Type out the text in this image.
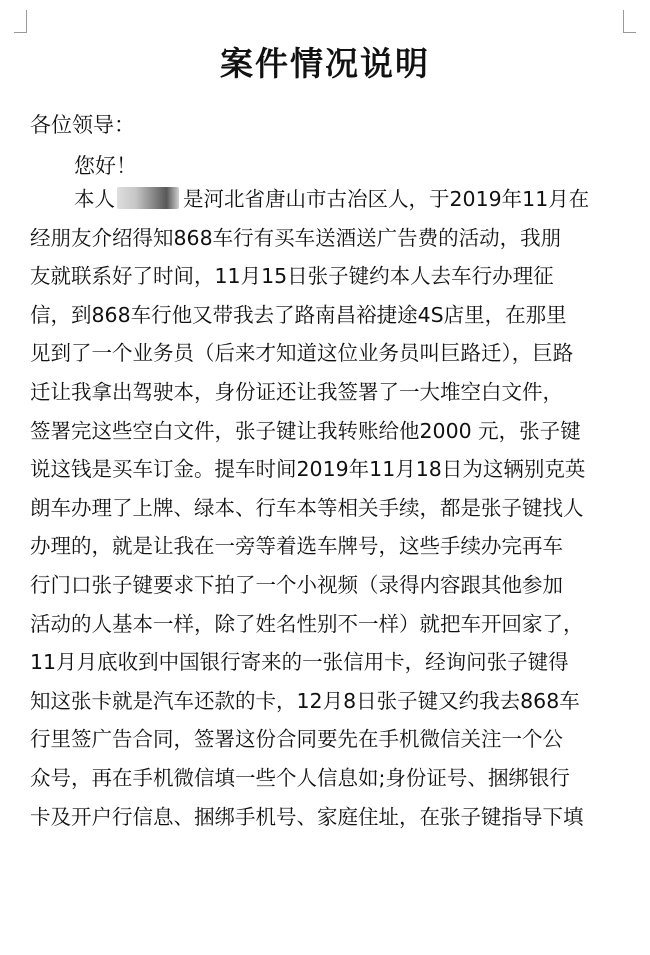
案件情况说明
各位领导：
您好！
本人	是河北省唐山市古冶区人，于2019年11月在
经朋友介绍得知868车行有买车送酒送广告费的活动，我朋
友就联系好了时间，11月15日张子键约本人去车行办理征
信，到868车行他又带我去了路南昌裕捷途4S店里，在那里
见到了一个业务员（后来才知道这位业务员叫巨路迁），巨路
迁让我拿出驾驶本，身份证还让我签署了一大堆空白文件，
签署完这些空白文件，张子键让我转账给他2000 元，张子键
说这钱是买车订金。提车时间2019年11月18日为这辆别克英
朗车办理了上牌、绿本、行车本等相关手续，都是张子键找人
办理的，就是让我在一旁等着选车牌号，这些手续办完再车
行门口张子键要求下拍了一个小视频（录得内容跟其他参加
活动的人基本一样，除了姓名性别不一样）就把车开回家了，
11月月底收到中国银行寄来的一张信用卡，经询问张子键得
知这张卡就是汽车还款的卡，12月8日张子键又约我去868车
行里签广告合同，签署这份合同要先在手机微信关注一个公
众号，再在手机微信填一些个人信息如;身份证号、捆绑银行
卡及开户行信息、捆绑手机号、家庭住址，在张子键指导下填
